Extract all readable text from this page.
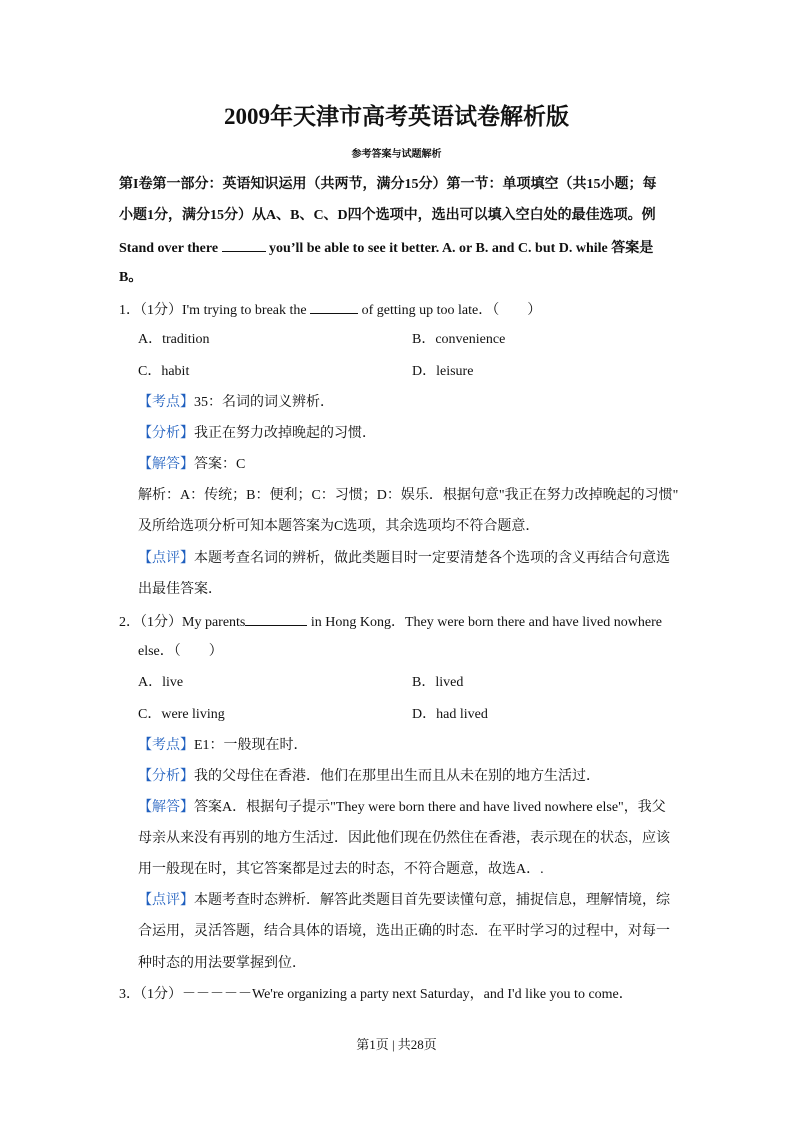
2009年天津市高考英语试卷解析版
参考答案与试题解析
第I卷第一部分：英语知识运用（共两节，满分15分）第一节：单项填空（共15小题；每
小题1分，满分15分）从A、B、C、D四个选项中，选出可以填入空白处的最佳选项。例
Stand over there	you’ll be able to see it better. A. or B. and C. but D. while 答案是
B。
1．（1分）I'm trying to break the	of getting up too late．（　　）
A．tradition	B．convenience
C．habit	D．leisure
【考点】35：名词的词义辨析．
【分析】我正在努力改掉晚起的习惯．
【解答】答案：C
解析：A：传统；B：便利；C：习惯；D：娱乐．根据句意"我正在努力改掉晚起的习惯"
及所给选项分析可知本题答案为C选项，其余选项均不符合题意．
【点评】本题考查名词的辨析，做此类题目时一定要清楚各个选项的含义再结合句意选
出最佳答案．
2．（1分）My parents	in Hong Kong．They were born there and have lived nowhere
else．（　　）
A．live	B．lived
C．were living	D．had lived
【考点】E1：一般现在时．
【分析】我的父母住在香港．他们在那里出生而且从未在别的地方生活过．
【解答】答案A．根据句子提示"They were born there and have lived nowhere else"，我父
母亲从来没有再别的地方生活过．因此他们现在仍然住在香港，表示现在的状态，应该
用一般现在时，其它答案都是过去的时态，不符合题意，故选A．.
【点评】本题考查时态辨析．解答此类题目首先要读懂句意，捕捉信息，理解情境，综
合运用，灵活答题，结合具体的语境，选出正确的时态．在平时学习的过程中，对每一
种时态的用法要掌握到位．
3．（1分）－－－－－We're organizing a party next Saturday，and I'd like you to come．
第1页 | 共28页
